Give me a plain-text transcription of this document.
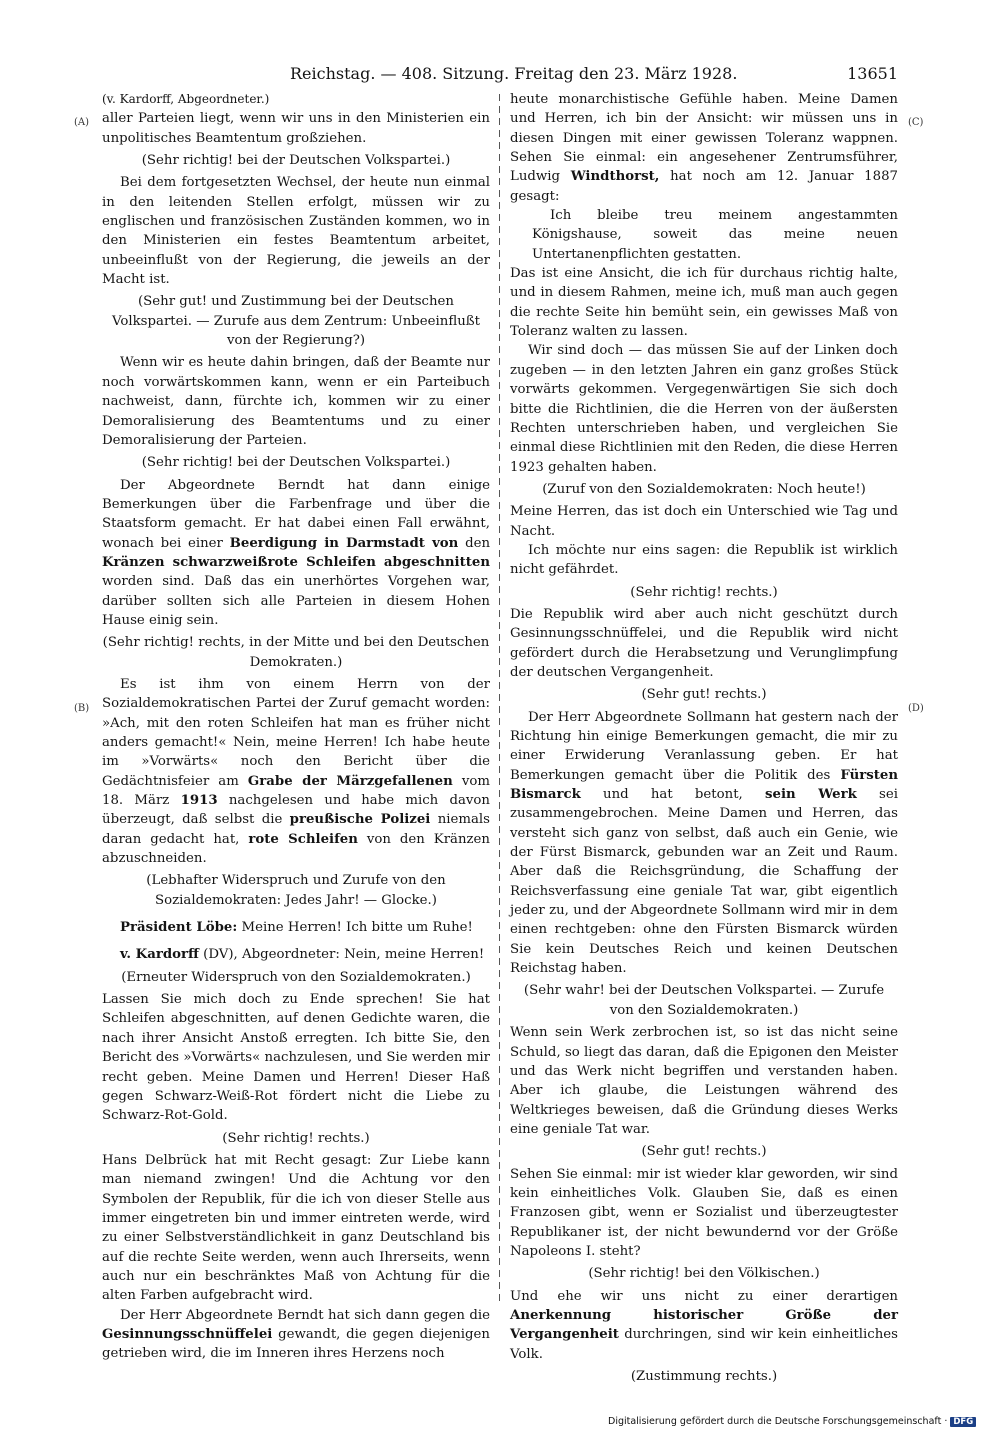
Reichstag. — 408. Sitzung. Freitag den 23. März 1928.	13651
(A)
(B)
(C)
(D)

(v. Kardorff, Abgeordneter.)

aller Parteien liegt, wenn wir uns in den Ministerien ein unpolitisches Beamtentum großziehen.

(Sehr richtig! bei der Deutschen Volkspartei.)

Bei dem fortgesetzten Wechsel, der heute nun einmal in den leitenden Stellen erfolgt, müssen wir zu englischen und französischen Zuständen kommen, wo in den Ministerien ein festes Beamtentum arbeitet, unbeeinflußt von der Regierung, die jeweils an der Macht ist.

(Sehr gut! und Zustimmung bei der Deutschen Volkspartei. — Zurufe aus dem Zentrum: Unbeeinflußt von der Regierung?)

Wenn wir es heute dahin bringen, daß der Beamte nur noch vorwärtskommen kann, wenn er ein Parteibuch nachweist, dann, fürchte ich, kommen wir zu einer Demoralisierung des Beamtentums und zu einer Demoralisierung der Parteien.

(Sehr richtig! bei der Deutschen Volkspartei.)

Der Abgeordnete Berndt hat dann einige Bemerkungen über die Farbenfrage und über die Staatsform gemacht. Er hat dabei einen Fall erwähnt, wonach bei einer Beerdigung in Darmstadt von den Kränzen schwarzweißrote Schleifen abgeschnitten worden sind. Daß das ein unerhörtes Vorgehen war, darüber sollten sich alle Parteien in diesem Hohen Hause einig sein.

(Sehr richtig! rechts, in der Mitte und bei den Deutschen Demokraten.)

Es ist ihm von einem Herrn von der Sozialdemokratischen Partei der Zuruf gemacht worden: »Ach, mit den roten Schleifen hat man es früher nicht anders gemacht!« Nein, meine Herren! Ich habe heute im »Vorwärts« noch den Bericht über die Gedächtnisfeier am Grabe der Märzgefallenen vom 18. März 1913 nachgelesen und habe mich davon überzeugt, daß selbst die preußische Polizei niemals daran gedacht hat, rote Schleifen von den Kränzen abzuschneiden.

(Lebhafter Widerspruch und Zurufe von den Sozialdemokraten: Jedes Jahr! — Glocke.)

Präsident Löbe: Meine Herren! Ich bitte um Ruhe!

v. Kardorff (DV), Abgeordneter: Nein, meine Herren!

(Erneuter Widerspruch von den Sozialdemokraten.)

Lassen Sie mich doch zu Ende sprechen! Sie hat Schleifen abgeschnitten, auf denen Gedichte waren, die nach ihrer Ansicht Anstoß erregten. Ich bitte Sie, den Bericht des »Vorwärts« nachzulesen, und Sie werden mir recht geben. Meine Damen und Herren! Dieser Haß gegen Schwarz-Weiß-Rot fördert nicht die Liebe zu Schwarz-Rot-Gold.

(Sehr richtig! rechts.)

Hans Delbrück hat mit Recht gesagt: Zur Liebe kann man niemand zwingen! Und die Achtung vor den Symbolen der Republik, für die ich von dieser Stelle aus immer eingetreten bin und immer eintreten werde, wird zu einer Selbstverständlichkeit in ganz Deutschland bis auf die rechte Seite werden, wenn auch Ihrerseits, wenn auch nur ein beschränktes Maß von Achtung für die alten Farben aufgebracht wird.

Der Herr Abgeordnete Berndt hat sich dann gegen die Gesinnungsschnüffelei gewandt, die gegen diejenigen getrieben wird, die im Inneren ihres Herzens noch

heute monarchistische Gefühle haben. Meine Damen und Herren, ich bin der Ansicht: wir müssen uns in diesen Dingen mit einer gewissen Toleranz wappnen. Sehen Sie einmal: ein angesehener Zentrumsführer, Ludwig Windthorst, hat noch am 12. Januar 1887 gesagt:

Ich bleibe treu meinem angestammten Königshause, soweit das meine neuen Untertanenpflichten gestatten.

Das ist eine Ansicht, die ich für durchaus richtig halte, und in diesem Rahmen, meine ich, muß man auch gegen die rechte Seite hin bemüht sein, ein gewisses Maß von Toleranz walten zu lassen.

Wir sind doch — das müssen Sie auf der Linken doch zugeben — in den letzten Jahren ein ganz großes Stück vorwärts gekommen. Vergegenwärtigen Sie sich doch bitte die Richtlinien, die die Herren von der äußersten Rechten unterschrieben haben, und vergleichen Sie einmal diese Richtlinien mit den Reden, die diese Herren 1923 gehalten haben.

(Zuruf von den Sozialdemokraten: Noch heute!)

Meine Herren, das ist doch ein Unterschied wie Tag und Nacht.

Ich möchte nur eins sagen: die Republik ist wirklich nicht gefährdet.

(Sehr richtig! rechts.)

Die Republik wird aber auch nicht geschützt durch Gesinnungsschnüffelei, und die Republik wird nicht gefördert durch die Herabsetzung und Verunglimpfung der deutschen Vergangenheit.

(Sehr gut! rechts.)

Der Herr Abgeordnete Sollmann hat gestern nach der Richtung hin einige Bemerkungen gemacht, die mir zu einer Erwiderung Veranlassung geben. Er hat Bemerkungen gemacht über die Politik des Fürsten Bismarck und hat betont, sein Werk sei zusammengebrochen. Meine Damen und Herren, das versteht sich ganz von selbst, daß auch ein Genie, wie der Fürst Bismarck, gebunden war an Zeit und Raum. Aber daß die Reichsgründung, die Schaffung der Reichsverfassung eine geniale Tat war, gibt eigentlich jeder zu, und der Abgeordnete Sollmann wird mir in dem einen rechtgeben: ohne den Fürsten Bismarck würden Sie kein Deutsches Reich und keinen Deutschen Reichstag haben.

(Sehr wahr! bei der Deutschen Volkspartei. — Zurufe von den Sozialdemokraten.)

Wenn sein Werk zerbrochen ist, so ist das nicht seine Schuld, so liegt das daran, daß die Epigonen den Meister und das Werk nicht begriffen und verstanden haben. Aber ich glaube, die Leistungen während des Weltkrieges beweisen, daß die Gründung dieses Werks eine geniale Tat war.

(Sehr gut! rechts.)

Sehen Sie einmal: mir ist wieder klar geworden, wir sind kein einheitliches Volk. Glauben Sie, daß es einen Franzosen gibt, wenn er Sozialist und überzeugtester Republikaner ist, der nicht bewundernd vor der Größe Napoleons I. steht?

(Sehr richtig! bei den Völkischen.)

Und ehe wir uns nicht zu einer derartigen Anerkennung historischer Größe der Vergangenheit durchringen, sind wir kein einheitliches Volk.

(Zustimmung rechts.)

Digitalisierung gefördert durch die Deutsche Forschungsgemeinschaft · DFG
